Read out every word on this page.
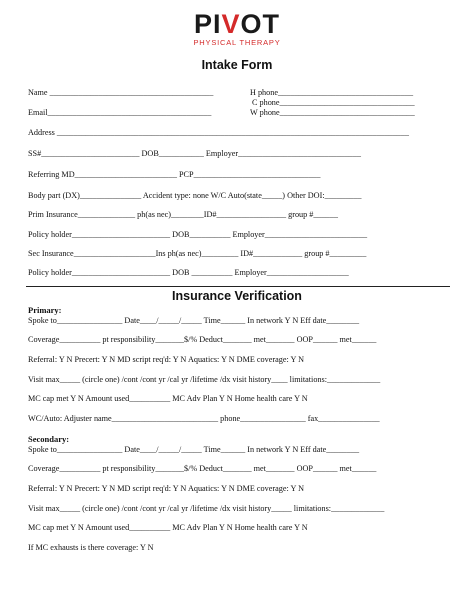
PIVOT
PHYSICAL THERAPY
Intake Form
Name ________________________________________	H phone_________________________________
C phone_________________________________
Email________________________________________	W phone_________________________________
Address ______________________________________________________________________________________
SS#________________________ DOB___________ Employer______________________________
Referring MD_________________________ PCP_______________________________
Body part (DX)_______________ Accident type: none W/C Auto(state_____) Other DOI:_________
Prim Insurance______________ ph(as nec)________ID#_________________ group #______
Policy holder________________________ DOB__________ Employer_________________________
Sec Insurance____________________Ins ph(as nec)_________ ID#____________ group #_________
Policy holder________________________ DOB __________ Employer____________________
Insurance Verification
Primary:
Spoke to________________ Date____/_____/_____ Time______ In network Y N Eff date________
Coverage__________ pt responsibility_______$/% Deduct_______ met_______ OOP______ met______
Referral: Y N Precert: Y N MD script req'd: Y N Aquatics: Y N DME coverage: Y N
Visit max_____ (circle one) /cont /cont yr /cal yr /lifetime /dx visit history____ limitations:_____________
MC cap met Y N Amount used__________ MC Adv Plan Y N Home health care Y N
WC/Auto: Adjuster name__________________________ phone________________ fax_______________
Secondary:
Spoke to________________ Date____/_____/_____ Time______ In network Y N Eff date________
Coverage__________ pt responsibility_______$/% Deduct_______ met_______ OOP______ met______
Referral: Y N Precert: Y N MD script req'd: Y N Aquatics: Y N DME coverage: Y N
Visit max_____ (circle one) /cont /cont yr /cal yr /lifetime /dx visit history_____ limitations:_____________
MC cap met Y N Amount used__________ MC Adv Plan Y N Home health care Y N
If MC exhausts is there coverage: Y N
